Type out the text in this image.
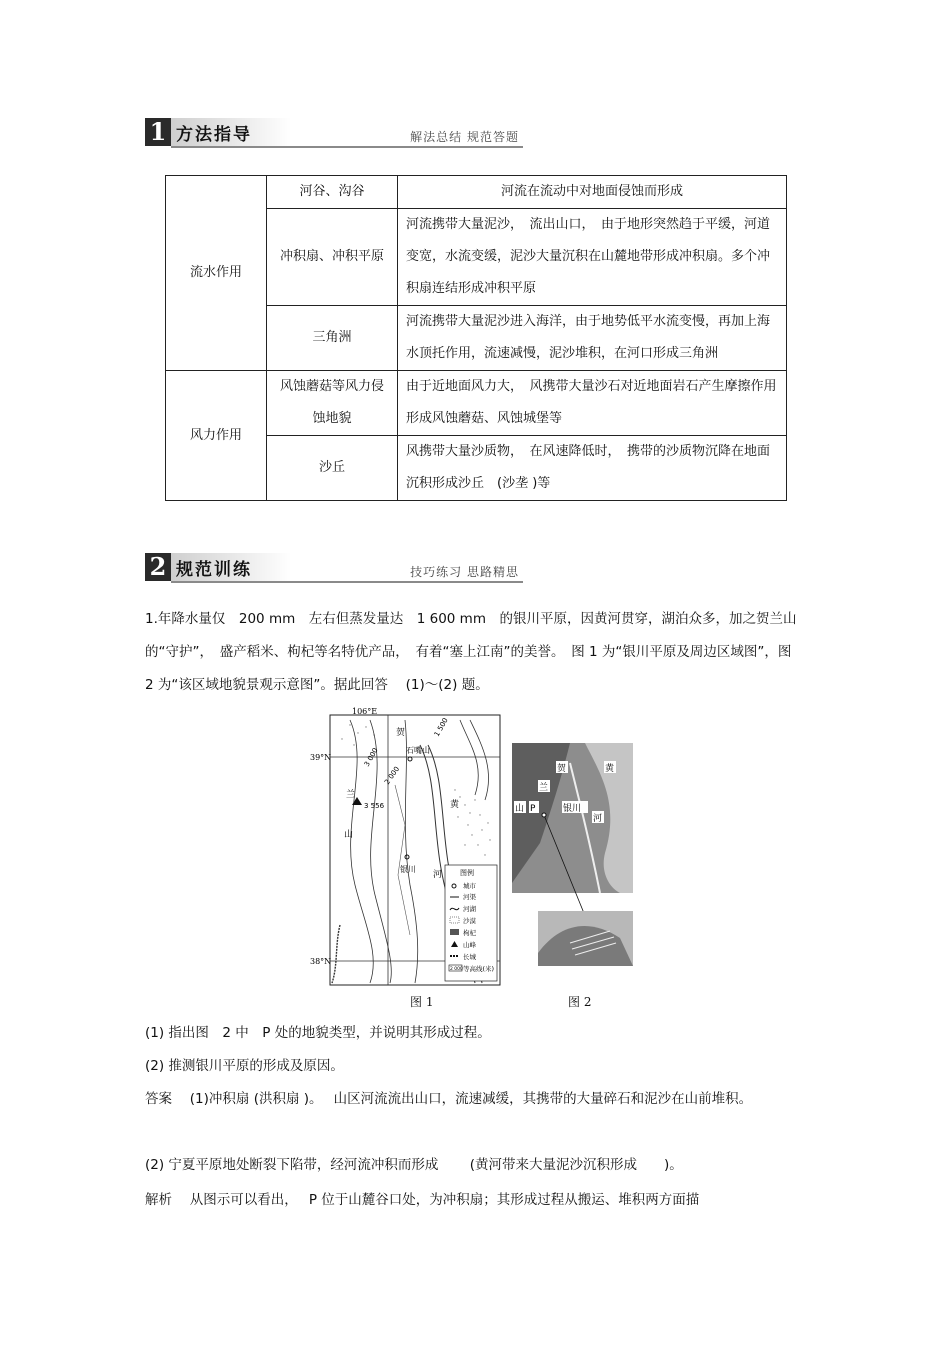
1 方法指导	解法总结 规范答题
流水作用	河谷、沟谷	河流在流动中对地面侵蚀而形成
	冲积扇、冲积平原	河流携带大量泥沙，　流出山口，　由于地形突然趋于平缓，河道变宽，水流变缓，泥沙大量沉积在山麓地带形成冲积扇。多个冲积扇连结形成冲积平原
	三角洲	河流携带大量泥沙进入海洋，由于地势低平水流变慢，再加上海水顶托作用，流速减慢，泥沙堆积，在河口形成三角洲
风力作用	风蚀蘑菇等风力侵蚀地貌	由于近地面风力大，　风携带大量沙石对近地面岩石产生摩擦作用形成风蚀蘑菇、风蚀城堡等
	沙丘	风携带大量沙质物，　在风速降低时，　携带的沙质物沉降在地面沉积形成沙丘　(沙垄 )等
2 规范训练	技巧练习 思路精思
1.年降水量仅　200 mm　左右但蒸发量达　1 600 mm　的银川平原，因黄河贯穿，湖泊众多，加之贺兰山的“守护”，　盛产稻米、枸杞等名特优产品，　有着“塞上江南”的美誉。　图 1 为“银川平原及周边区域图”，图　 2 为“该区域地貌景观示意图”。据此回答　 (1)～(2) 题。
106°E
39°N
38°N
贺
兰
山
黄
河
石嘴山
银川
3 556
3 000
2 000
1 500
图例
城市
河渠
河湖
沙漠
枸杞
山峰
长城
2 000 等高线(米)
兰
贺
山 P	银川
黄
河
图 1	图 2
(1) 指出图　2 中　P 处的地貌类型，并说明其形成过程。
(2) 推测银川平原的形成及原因。
答案　 (1)冲积扇 (洪积扇 )。　 山区河流流出山口，流速减缓，其携带的大量碎石和泥沙在山前堆积。
(2) 宁夏平原地处断裂下陷带，经河流冲积而形成　　 (黄河带来大量泥沙沉积形成　　)。
解析　 从图示可以看出，　 P 位于山麓谷口处，为冲积扇；其形成过程从搬运、堆积两方面描
